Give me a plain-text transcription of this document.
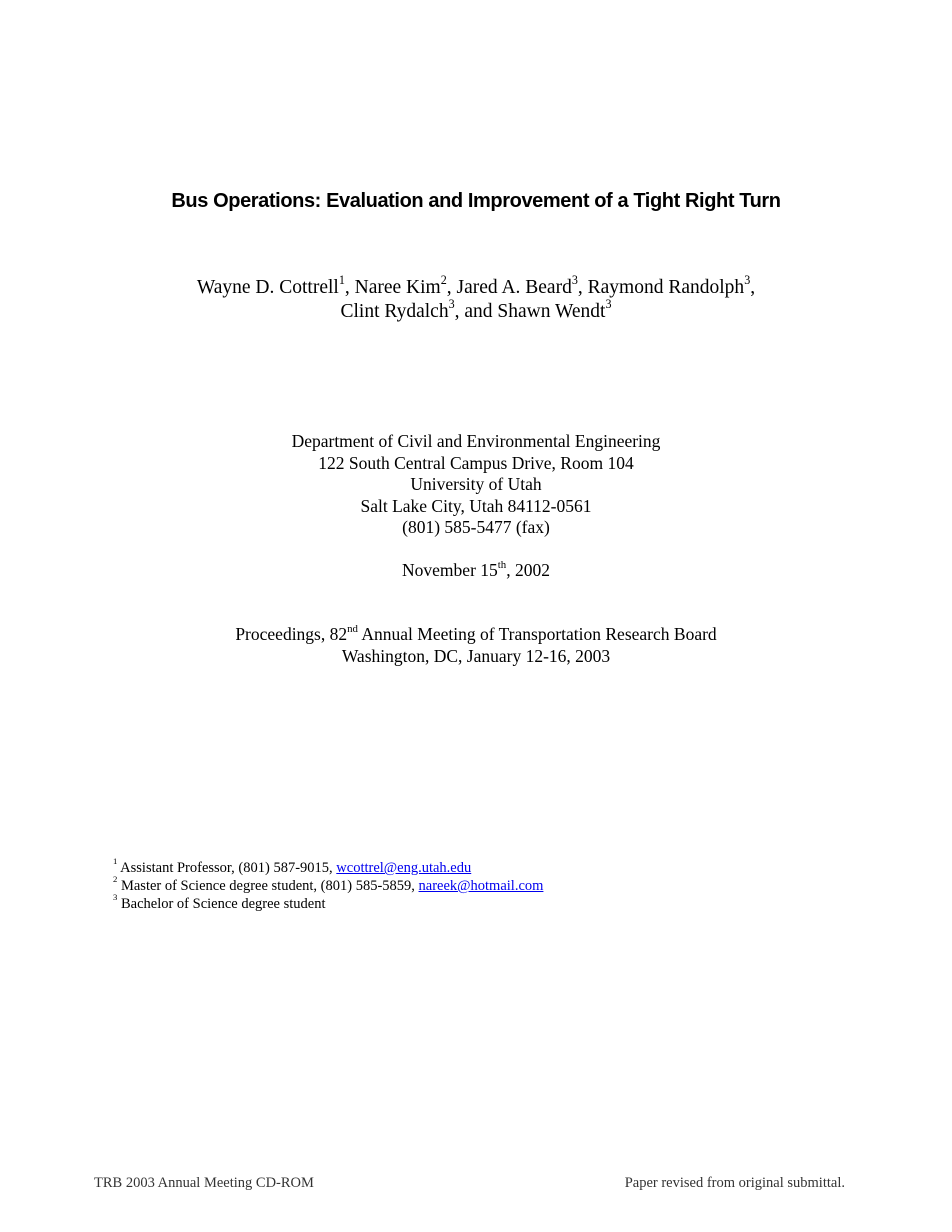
Bus Operations: Evaluation and Improvement of a Tight Right Turn
Wayne D. Cottrell$^1$, Naree Kim$^2$, Jared A. Beard$^3$, Raymond Randolph$^3$,
Clint Rydalch$^3$, and Shawn Wendt$^3$
Department of Civil and Environmental Engineering
122 South Central Campus Drive, Room 104
University of Utah
Salt Lake City, Utah 84112-0561
(801) 585-5477 (fax)
November 15th, 2002
Proceedings, 82nd Annual Meeting of Transportation Research Board
Washington, DC, January 12-16, 2003
$^1$ Assistant Professor, (801) 587-9015, wcottrel@eng.utah.edu
$^2$ Master of Science degree student, (801) 585-5859, nareek@hotmail.com
$^3$ Bachelor of Science degree student
TRB 2003 Annual Meeting CD-ROM	Paper revised from original submittal.
